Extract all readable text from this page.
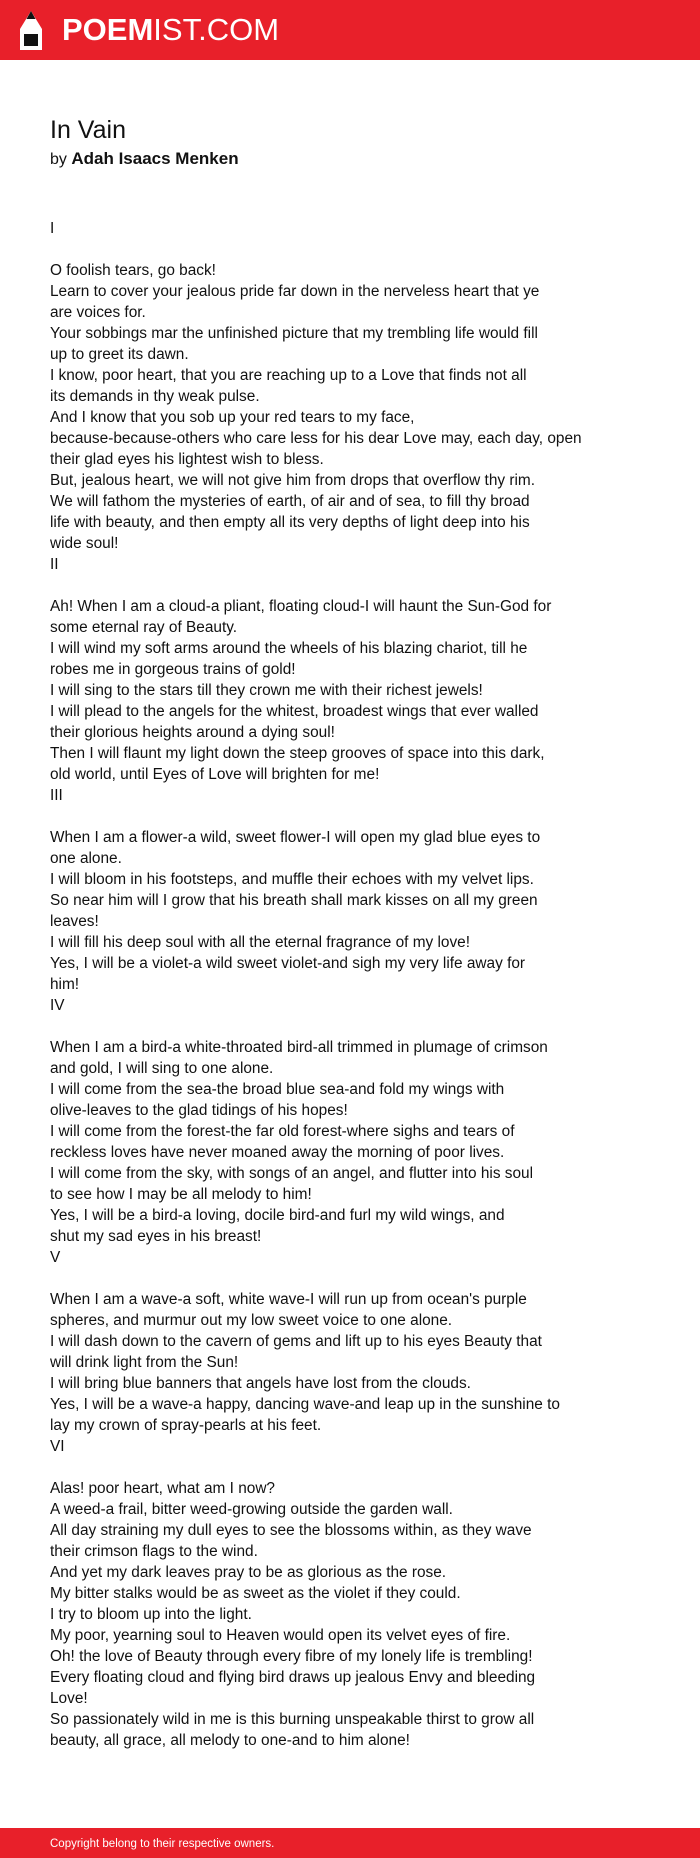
POEMIST.COM
In Vain
by Adah Isaacs Menken
I
O foolish tears, go back!
Learn to cover your jealous pride far down in the nerveless heart that ye
are voices for.
Your sobbings mar the unfinished picture that my trembling life would fill
up to greet its dawn.
I know, poor heart, that you are reaching up to a Love that finds not all
its demands in thy weak pulse.
And I know that you sob up your red tears to my face,
because-because-others who care less for his dear Love may, each day, open
their glad eyes his lightest wish to bless.
But, jealous heart, we will not give him from drops that overflow thy rim.
We will fathom the mysteries of earth, of air and of sea, to fill thy broad
life with beauty, and then empty all its very depths of light deep into his
wide soul!
II
Ah! When I am a cloud-a pliant, floating cloud-I will haunt the Sun-God for
some eternal ray of Beauty.
I will wind my soft arms around the wheels of his blazing chariot, till he
robes me in gorgeous trains of gold!
I will sing to the stars till they crown me with their richest jewels!
I will plead to the angels for the whitest, broadest wings that ever walled
their glorious heights around a dying soul!
Then I will flaunt my light down the steep grooves of space into this dark,
old world, until Eyes of Love will brighten for me!
III
When I am a flower-a wild, sweet flower-I will open my glad blue eyes to
one alone.
I will bloom in his footsteps, and muffle their echoes with my velvet lips.
So near him will I grow that his breath shall mark kisses on all my green
leaves!
I will fill his deep soul with all the eternal fragrance of my love!
Yes, I will be a violet-a wild sweet violet-and sigh my very life away for
him!
IV
When I am a bird-a white-throated bird-all trimmed in plumage of crimson
and gold, I will sing to one alone.
I will come from the sea-the broad blue sea-and fold my wings with
olive-leaves to the glad tidings of his hopes!
I will come from the forest-the far old forest-where sighs and tears of
reckless loves have never moaned away the morning of poor lives.
I will come from the sky, with songs of an angel, and flutter into his soul
to see how I may be all melody to him!
Yes, I will be a bird-a loving, docile bird-and furl my wild wings, and
shut my sad eyes in his breast!
V
When I am a wave-a soft, white wave-I will run up from ocean's purple
spheres, and murmur out my low sweet voice to one alone.
I will dash down to the cavern of gems and lift up to his eyes Beauty that
will drink light from the Sun!
I will bring blue banners that angels have lost from the clouds.
Yes, I will be a wave-a happy, dancing wave-and leap up in the sunshine to
lay my crown of spray-pearls at his feet.
VI
Alas! poor heart, what am I now?
A weed-a frail, bitter weed-growing outside the garden wall.
All day straining my dull eyes to see the blossoms within, as they wave
their crimson flags to the wind.
And yet my dark leaves pray to be as glorious as the rose.
My bitter stalks would be as sweet as the violet if they could.
I try to bloom up into the light.
My poor, yearning soul to Heaven would open its velvet eyes of fire.
Oh! the love of Beauty through every fibre of my lonely life is trembling!
Every floating cloud and flying bird draws up jealous Envy and bleeding
Love!
So passionately wild in me is this burning unspeakable thirst to grow all
beauty, all grace, all melody to one-and to him alone!
Copyright belong to their respective owners.
